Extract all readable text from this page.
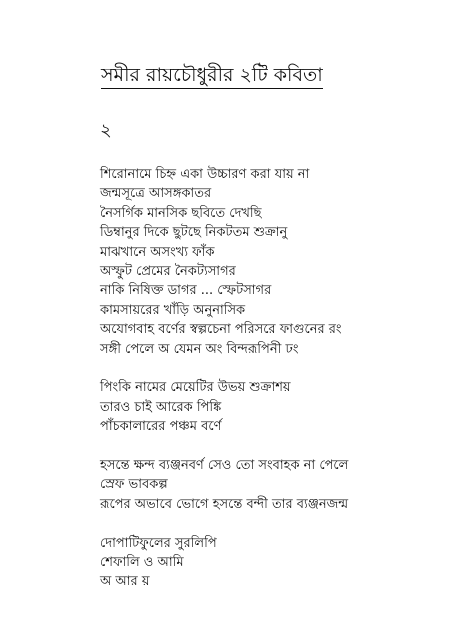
সমীর রায়চৌধুরীর ২টি কবিতা
২
শিরোনামে চিহ্ন একা উচ্চারণ করা যায় না
জন্মসূত্রে আসঙ্গকাতর
নৈসর্গিক মানসিক ছবিতে দেখছি
ডিম্বানুর দিকে ছুটছে নিকটতম শুক্রানু
মাঝখানে অসংখ্য ফাঁক
অস্ফুট প্রেমের নৈকট্যসাগর
নাকি নিষিক্ত ডাগর ... স্ফেটসাগর
কামসায়রের খাঁড়ি অনুনাসিক
অযোগবাহ বর্ণের স্বল্পচেনা পরিসরে ফাগুনের রং
সঙ্গী পেলে অ যেমন অং বিন্দরূপিনী ঢং
পিংকি নামের মেয়েটির উভয় শুক্রাশয়
তারও চাই আরেক পিঙ্কি
পাঁচকালারের পঞ্চম বর্ণে
হসন্তে ক্ষন্দ ব্যঞ্জনবর্ণ সেও তো সংবাহক না পেলে
স্রেফ ভাবকল্প
রূপের অভাবে ভোগে হসন্তে বন্দী তার ব্যঞ্জনজন্ম
দোপাটিফুলের সুরলিপি
শেফালি ও আমি
অ আর য়
